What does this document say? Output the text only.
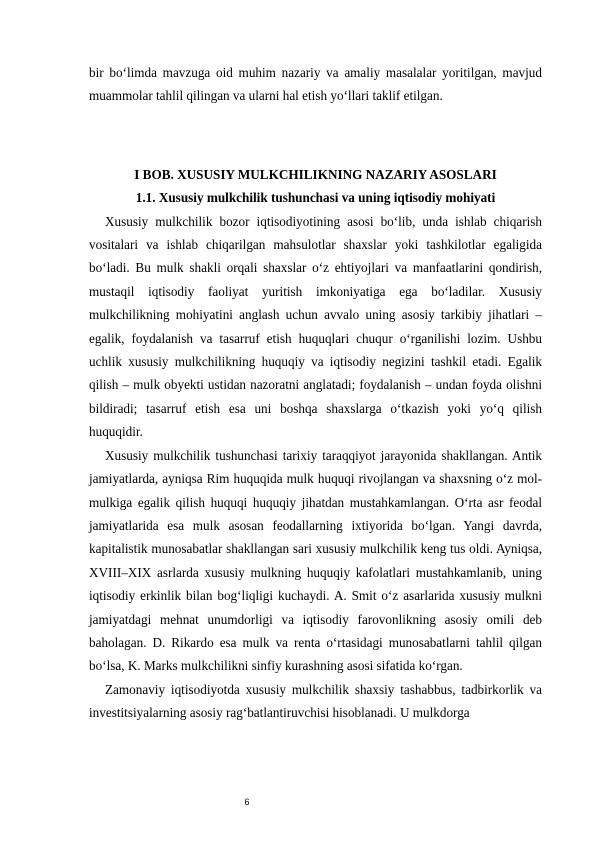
bir bo‘limda mavzuga oid muhim nazariy va amaliy masalalar yoritilgan, mavjud muammolar tahlil qilingan va ularni hal etish yo‘llari taklif etilgan.

I BOB. XUSUSIY MULKCHILIKNING NAZARIY ASOSLARI

1.1. Xususiy mulkchilik tushunchasi va uning iqtisodiy mohiyati

Xususiy mulkchilik bozor iqtisodiyotining asosi bo‘lib, unda ishlab chiqarish vositalari va ishlab chiqarilgan mahsulotlar shaxslar yoki tashkilotlar egaligida bo‘ladi. Bu mulk shakli orqali shaxslar o‘z ehtiyojlari va manfaatlarini qondirish, mustaqil iqtisodiy faoliyat yuritish imkoniyatiga ega bo‘ladilar. Xususiy mulkchilikning mohiyatini anglash uchun avvalo uning asosiy tarkibiy jihatlari – egalik, foydalanish va tasarruf etish huquqlari chuqur o‘rganilishi lozim. Ushbu uchlik xususiy mulkchilikning huquqiy va iqtisodiy negizini tashkil etadi. Egalik qilish – mulk obyekti ustidan nazoratni anglatadi; foydalanish – undan foyda olishni bildiradi; tasarruf etish esa uni boshqa shaxslarga o‘tkazish yoki yo‘q qilish huquqidir.

Xususiy mulkchilik tushunchasi tarixiy taraqqiyot jarayonida shakllangan. Antik jamiyatlarda, ayniqsa Rim huquqida mulk huquqi rivojlangan va shaxsning o‘z mol-mulkiga egalik qilish huquqi huquqiy jihatdan mustahkamlangan. O‘rta asr feodal jamiyatlarida esa mulk asosan feodallarning ixtiyorida bo‘lgan. Yangi davrda, kapitalistik munosabatlar shakllangan sari xususiy mulkchilik keng tus oldi. Ayniqsa, XVIII–XIX asrlarda xususiy mulkning huquqiy kafolatlari mustahkamlanib, uning iqtisodiy erkinlik bilan bog‘liqligi kuchaydi. A. Smit o‘z asarlarida xususiy mulkni jamiyatdagi mehnat unumdorligi va iqtisodiy farovonlikning asosiy omili deb baholagan. D. Rikardo esa mulk va renta o‘rtasidagi munosabatlarni tahlil qilgan bo‘lsa, K. Marks mulkchilikni sinfiy kurashning asosi sifatida ko‘rgan.

Zamonaviy iqtisodiyotda xususiy mulkchilik shaxsiy tashabbus, tadbirkorlik va investitsiyalarning asosiy rag‘batlantiruvchisi hisoblanadi. U mulkdorga

6
